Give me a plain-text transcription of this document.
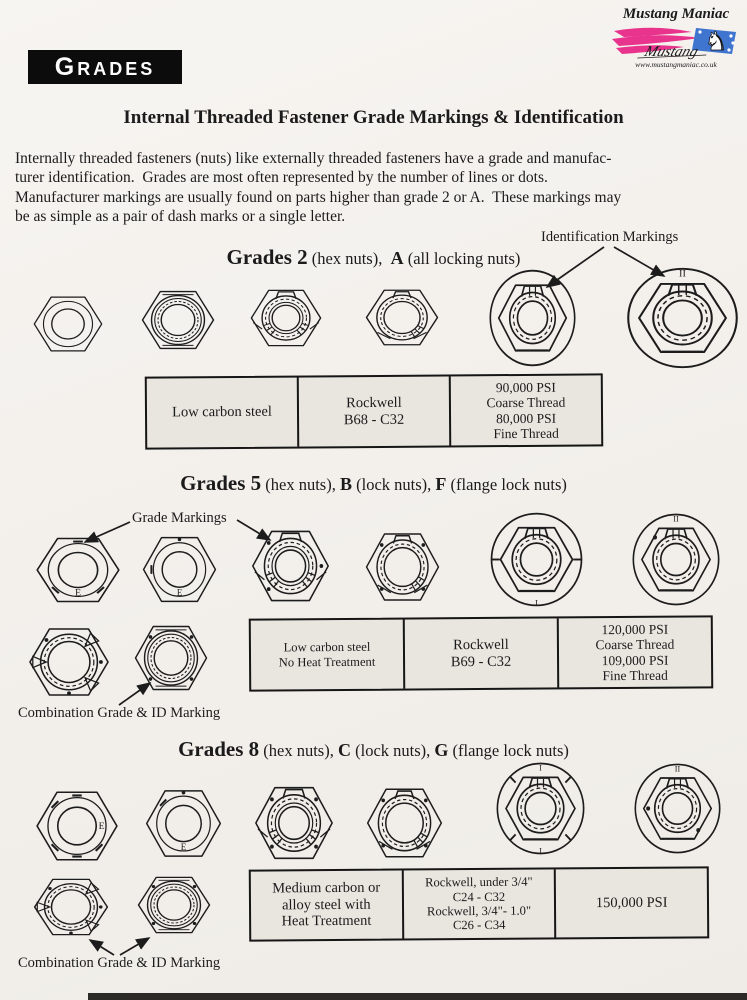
Grades
Mustang Maniac
♞
Mustang
www.mustangmaniac.co.uk
Internal Threaded Fastener Grade Markings & Identification
Internally threaded fasteners (nuts) like externally threaded fasteners have a grade and manufac-
turer identification.  Grades are most often represented by the number of lines or dots.
Manufacturer markings are usually found on parts higher than grade 2 or A.  These markings may
be as simple as a pair of dash marks or a single letter.
Identification Markings
Grade Markings
Combination Grade & ID Marking
Combination Grade & ID Marking
Grades 2 (hex nuts),  A (all locking nuts)
Grades 5 (hex nuts), B (lock nuts), F (flange lock nuts)
Grades 8 (hex nuts), C (lock nuts), G (flange lock nuts)
Low carbon steel
Rockwell
B68 - C32
90,000 PSI
Coarse Thread
80,000 PSI
Fine Thread
Low carbon steel
No Heat Treatment
Rockwell
B69 - C32
120,000 PSI
Coarse Thread
109,000 PSI
Fine Thread
Medium carbon or
alloy steel with
Heat Treatment
Rockwell, under 3/4"
C24 - C32
Rockwell, 3/4"- 1.0"
C26 - C34
150,000 PSI
II
E	E
I
II
E
E
I
I
II
